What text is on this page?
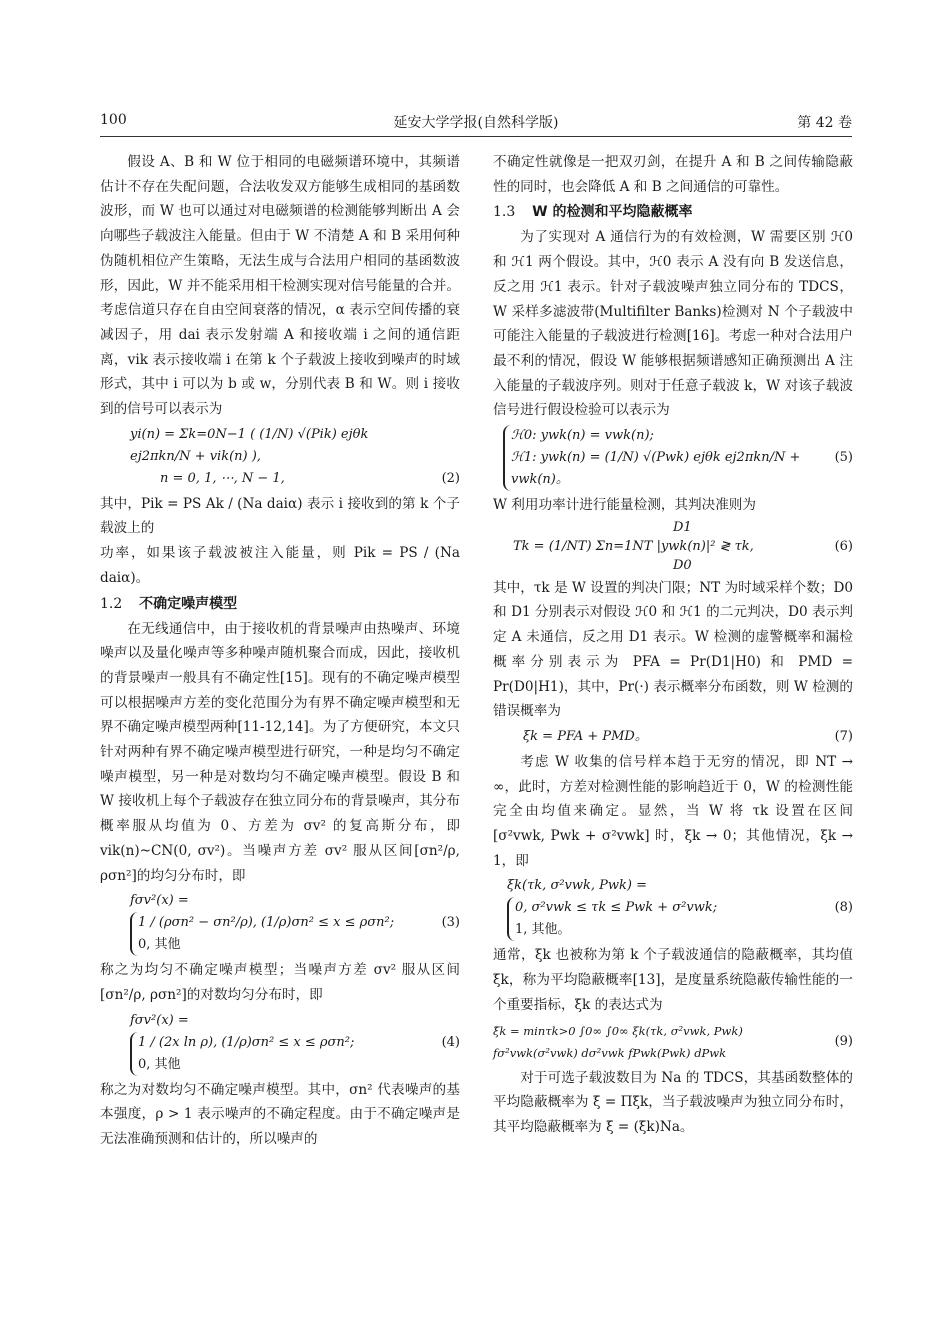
100	延安大学学报(自然科学版)	第 42 卷

假设 A、B 和 W 位于相同的电磁频谱环境中，其频谱估计不存在失配问题，合法收发双方能够生成相同的基函数波形，而 W 也可以通过对电磁频谱的检测能够判断出 A 会向哪些子载波注入能量。但由于 W 不清楚 A 和 B 采用何种伪随机相位产生策略，无法生成与合法用户相同的基函数波形，因此，W 并不能采用相干检测实现对信号能量的合并。考虑信道只存在自由空间衰落的情况，α 表示空间传播的衰减因子，用 dai 表示发射端 A 和接收端 i 之间的通信距离，vik 表示接收端 i 在第 k 个子载波上接收到噪声的时域形式，其中 i 可以为 b 或 w，分别代表 B 和 W。则 i 接收到的信号可以表示为

yi(n) = Σk=0N−1 ( (1/N) √(Pik) ejθk ej2πkn/N + vik(n) ),
n = 0, 1, ⋯, N − 1,	(2)

其中，Pik = PS Ak / (Na daiα) 表示 i 接收到的第 k 个子载波上的

功率，如果该子载波被注入能量，则 Pik = PS / (Na daiα)。

1.2 不确定噪声模型

在无线通信中，由于接收机的背景噪声由热噪声、环境噪声以及量化噪声等多种噪声随机聚合而成，因此，接收机的背景噪声一般具有不确定性[15]。现有的不确定噪声模型可以根据噪声方差的变化范围分为有界不确定噪声模型和无界不确定噪声模型两种[11-12,14]。为了方便研究，本文只针对两种有界不确定噪声模型进行研究，一种是均匀不确定噪声模型，另一种是对数均匀不确定噪声模型。假设 B 和 W 接收机上每个子载波存在独立同分布的背景噪声，其分布概率服从均值为 0、方差为 σv² 的复高斯分布，即 vik(n)~CN(0, σv²)。当噪声方差 σv² 服从区间[σn²/ρ, ρσn²]的均匀分布时，即

fσv²(x) =
1 / (ρσn² − σn²/ρ), (1/ρ)σn² ≤ x ≤ ρσn²;
0, 其他
(3)

称之为均匀不确定噪声模型；当噪声方差 σv² 服从区间[σn²/ρ, ρσn²]的对数均匀分布时，即

fσv²(x) =
1 / (2x ln ρ), (1/ρ)σn² ≤ x ≤ ρσn²;
0, 其他
(4)

称之为对数均匀不确定噪声模型。其中，σn² 代表噪声的基本强度，ρ > 1 表示噪声的不确定程度。由于不确定噪声是无法准确预测和估计的，所以噪声的

不确定性就像是一把双刃剑，在提升 A 和 B 之间传输隐蔽性的同时，也会降低 A 和 B 之间通信的可靠性。

1.3 W 的检测和平均隐蔽概率

为了实现对 A 通信行为的有效检测，W 需要区别 ℋ0 和 ℋ1 两个假设。其中，ℋ0 表示 A 没有向 B 发送信息，反之用 ℋ1 表示。针对子载波噪声独立同分布的 TDCS，W 采样多滤波带(Multifilter Banks)检测对 N 个子载波中可能注入能量的子载波进行检测[16]。考虑一种对合法用户最不利的情况，假设 W 能够根据频谱感知正确预测出 A 注入能量的子载波序列。则对于任意子载波 k，W 对该子载波信号进行假设检验可以表示为

ℋ0: ywk(n) = vwk(n);
ℋ1: ywk(n) = (1/N) √(Pwk) ejθk ej2πkn/N + vwk(n)。
(5)

W 利用功率计进行能量检测，其判决准则为

D1
Tk = (1/NT) Σn=1NT |ywk(n)|² ≷ τk,
D0
(6)

其中，τk 是 W 设置的判决门限；NT 为时域采样个数；D0 和 D1 分别表示对假设 ℋ0 和 ℋ1 的二元判决，D0 表示判定 A 未通信，反之用 D1 表示。W 检测的虚警概率和漏检概率分别表示为 PFA = Pr(D1|H0) 和 PMD = Pr(D0|H1)，其中，Pr(·) 表示概率分布函数，则 W 检测的错误概率为

ξk = PFA + PMD。	(7)

考虑 W 收集的信号样本趋于无穷的情况，即 NT → ∞，此时，方差对检测性能的影响趋近于 0，W 的检测性能完全由均值来确定。显然，当 W 将 τk 设置在区间 [σ²vwk, Pwk + σ²vwk] 时，ξk → 0；其他情况，ξk → 1，即

ξk(τk, σ²vwk, Pwk) =
0, σ²vwk ≤ τk ≤ Pwk + σ²vwk;
1, 其他。
(8)

通常，ξk 也被称为第 k 个子载波通信的隐蔽概率，其均值 ξ̄k，称为平均隐蔽概率[13]，是度量系统隐蔽传输性能的一个重要指标，ξ̄k 的表达式为

ξ̄k = minτk>0 ∫0∞ ∫0∞ ξk(τk, σ²vwk, Pwk) fσ²vwk(σ²vwk) dσ²vwk fPwk(Pwk) dPwk
(9)

对于可选子载波数目为 Na 的 TDCS，其基函数整体的平均隐蔽概率为 ξ̄ = Πξ̄k，当子载波噪声为独立同分布时，其平均隐蔽概率为 ξ̄ = (ξ̄k)Na。
